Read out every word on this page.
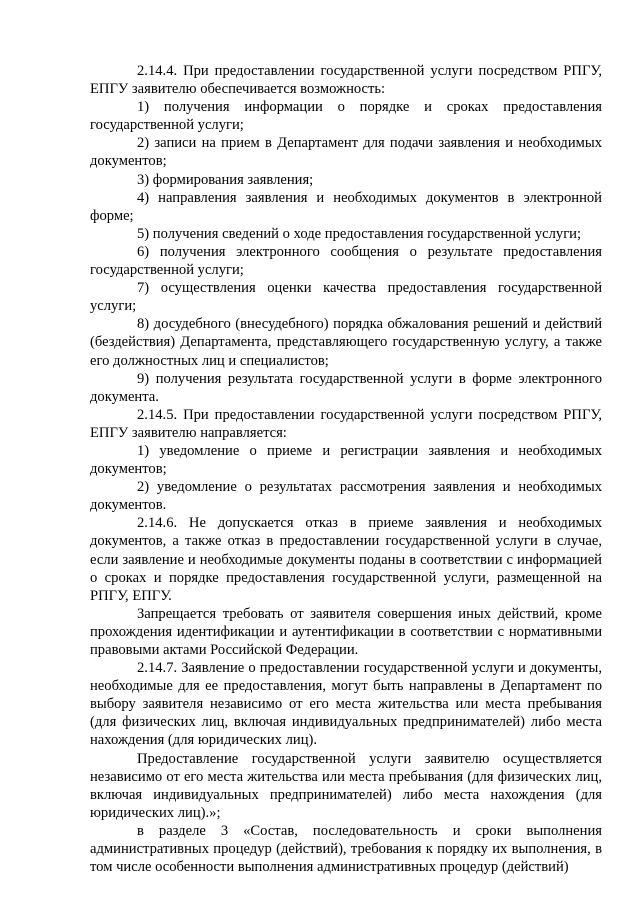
2.14.4. При предоставлении государственной услуги посредством РПГУ, ЕПГУ заявителю обеспечивается возможность:

1) получения информации о порядке и сроках предоставления государственной услуги;

2) записи на прием в Департамент для подачи заявления и необходимых документов;

3) формирования заявления;

4) направления заявления и необходимых документов в электронной форме;

5) получения сведений о ходе предоставления государственной услуги;

6) получения электронного сообщения о результате предоставления государственной услуги;

7) осуществления оценки качества предоставления государственной услуги;

8) досудебного (внесудебного) порядка обжалования решений и действий (бездействия) Департамента, представляющего государственную услугу, а также его должностных лиц и специалистов;

9) получения результата государственной услуги в форме электронного документа.

2.14.5. При предоставлении государственной услуги посредством РПГУ, ЕПГУ заявителю направляется:

1) уведомление о приеме и регистрации заявления и необходимых документов;

2) уведомление о результатах рассмотрения заявления и необходимых документов.

2.14.6. Не допускается отказ в приеме заявления и необходимых документов, а также отказ в предоставлении государственной услуги в случае, если заявление и необходимые документы поданы в соответствии с информацией о сроках и порядке предоставления государственной услуги, размещенной на РПГУ, ЕПГУ.

Запрещается требовать от заявителя совершения иных действий, кроме прохождения идентификации и аутентификации в соответствии с нормативными правовыми актами Российской Федерации.

2.14.7. Заявление о предоставлении государственной услуги и документы, необходимые для ее предоставления, могут быть направлены в Департамент по выбору заявителя независимо от его места жительства или места пребывания (для физических лиц, включая индивидуальных предпринимателей) либо места нахождения (для юридических лиц).

Предоставление государственной услуги заявителю осуществляется независимо от его места жительства или места пребывания (для физических лиц, включая индивидуальных предпринимателей) либо места нахождения (для юридических лиц).»;

в разделе 3 «Состав, последовательность и сроки выполнения административных процедур (действий), требования к порядку их выполнения, в том числе особенности выполнения административных процедур (действий)
